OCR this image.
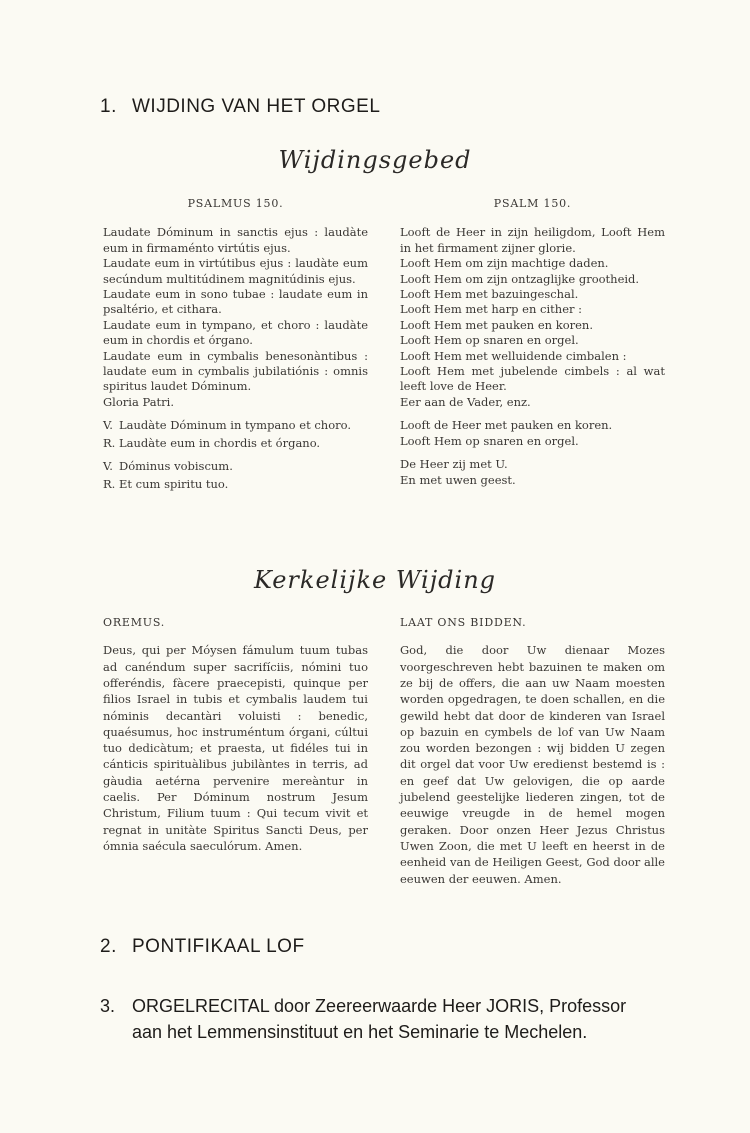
1. WIJDING VAN HET ORGEL
Wijdingsgebed
PSALMUS 150.

Laudate Dóminum in sanctis ejus : laudàte eum in firmaménto virtútis ejus.

Laudate eum in virtútibus ejus : laudàte eum secúndum multitúdinem magnitúdinis ejus.

Laudate eum in sono tubae : laudate eum in psaltério, et cithara.

Laudate eum in tympano, et choro : laudàte eum in chordis et órgano.

Laudate eum in cymbalis benesonàntibus : laudate eum in cymbalis jubilatiónis : omnis spiritus laudet Dóminum.

Gloria Patri.

V. Laudàte Dóminum in tympano et choro.
R. Laudàte eum in chordis et órgano.
V. Dóminus vobiscum.
R. Et cum spiritu tuo.
PSALM 150.

Looft de Heer in zijn heiligdom, Looft Hem in het firmament zijner glorie.

Looft Hem om zijn machtige daden.

Looft Hem om zijn ontzaglijke grootheid.

Looft Hem met bazuingeschal.

Looft Hem met harp en cither :

Looft Hem met pauken en koren.

Looft Hem op snaren en orgel.

Looft Hem met welluidende cimbalen :

Looft Hem met jubelende cimbels : al wat leeft love de Heer.

Eer aan de Vader, enz.

Looft de Heer met pauken en koren.

Looft Hem op snaren en orgel.

De Heer zij met U.

En met uwen geest.

Kerkelijke Wijding
OREMUS.

Deus, qui per Móysen fámulum tuum tubas ad canéndum super sacrifíciis, nómini tuo offeréndis, fàcere praecepisti, quinque per filios Israel in tubis et cymbalis laudem tui nóminis decantàri voluisti : benedic, quaésumus, hoc instruméntum órgani, cúltui tuo dedicàtum; et praesta, ut fidéles tui in cánticis spirituàlibus jubilàntes in terris, ad gàudia aetérna pervenire mereàntur in caelis. Per Dóminum nostrum Jesum Christum, Filium tuum : Qui tecum vivit et regnat in unitàte Spiritus Sancti Deus, per ómnia saécula saeculórum. Amen.

LAAT ONS BIDDEN.

God, die door Uw dienaar Mozes voorgeschreven hebt bazuinen te maken om ze bij de offers, die aan uw Naam moesten worden opgedragen, te doen schallen, en die gewild hebt dat door de kinderen van Israel op bazuin en cymbels de lof van Uw Naam zou worden bezongen : wij bidden U zegen dit orgel dat voor Uw eredienst bestemd is : en geef dat Uw gelovigen, die op aarde jubelend geestelijke liederen zingen, tot de eeuwige vreugde in de hemel mogen geraken. Door onzen Heer Jezus Christus Uwen Zoon, die met U leeft en heerst in de eenheid van de Heiligen Geest, God door alle eeuwen der eeuwen. Amen.

2. PONTIFIKAAL LOF
3. ORGELRECITAL door Zeereerwaarde Heer JORIS, Professor aan het Lemmensinstituut en het Seminarie te Mechelen.
